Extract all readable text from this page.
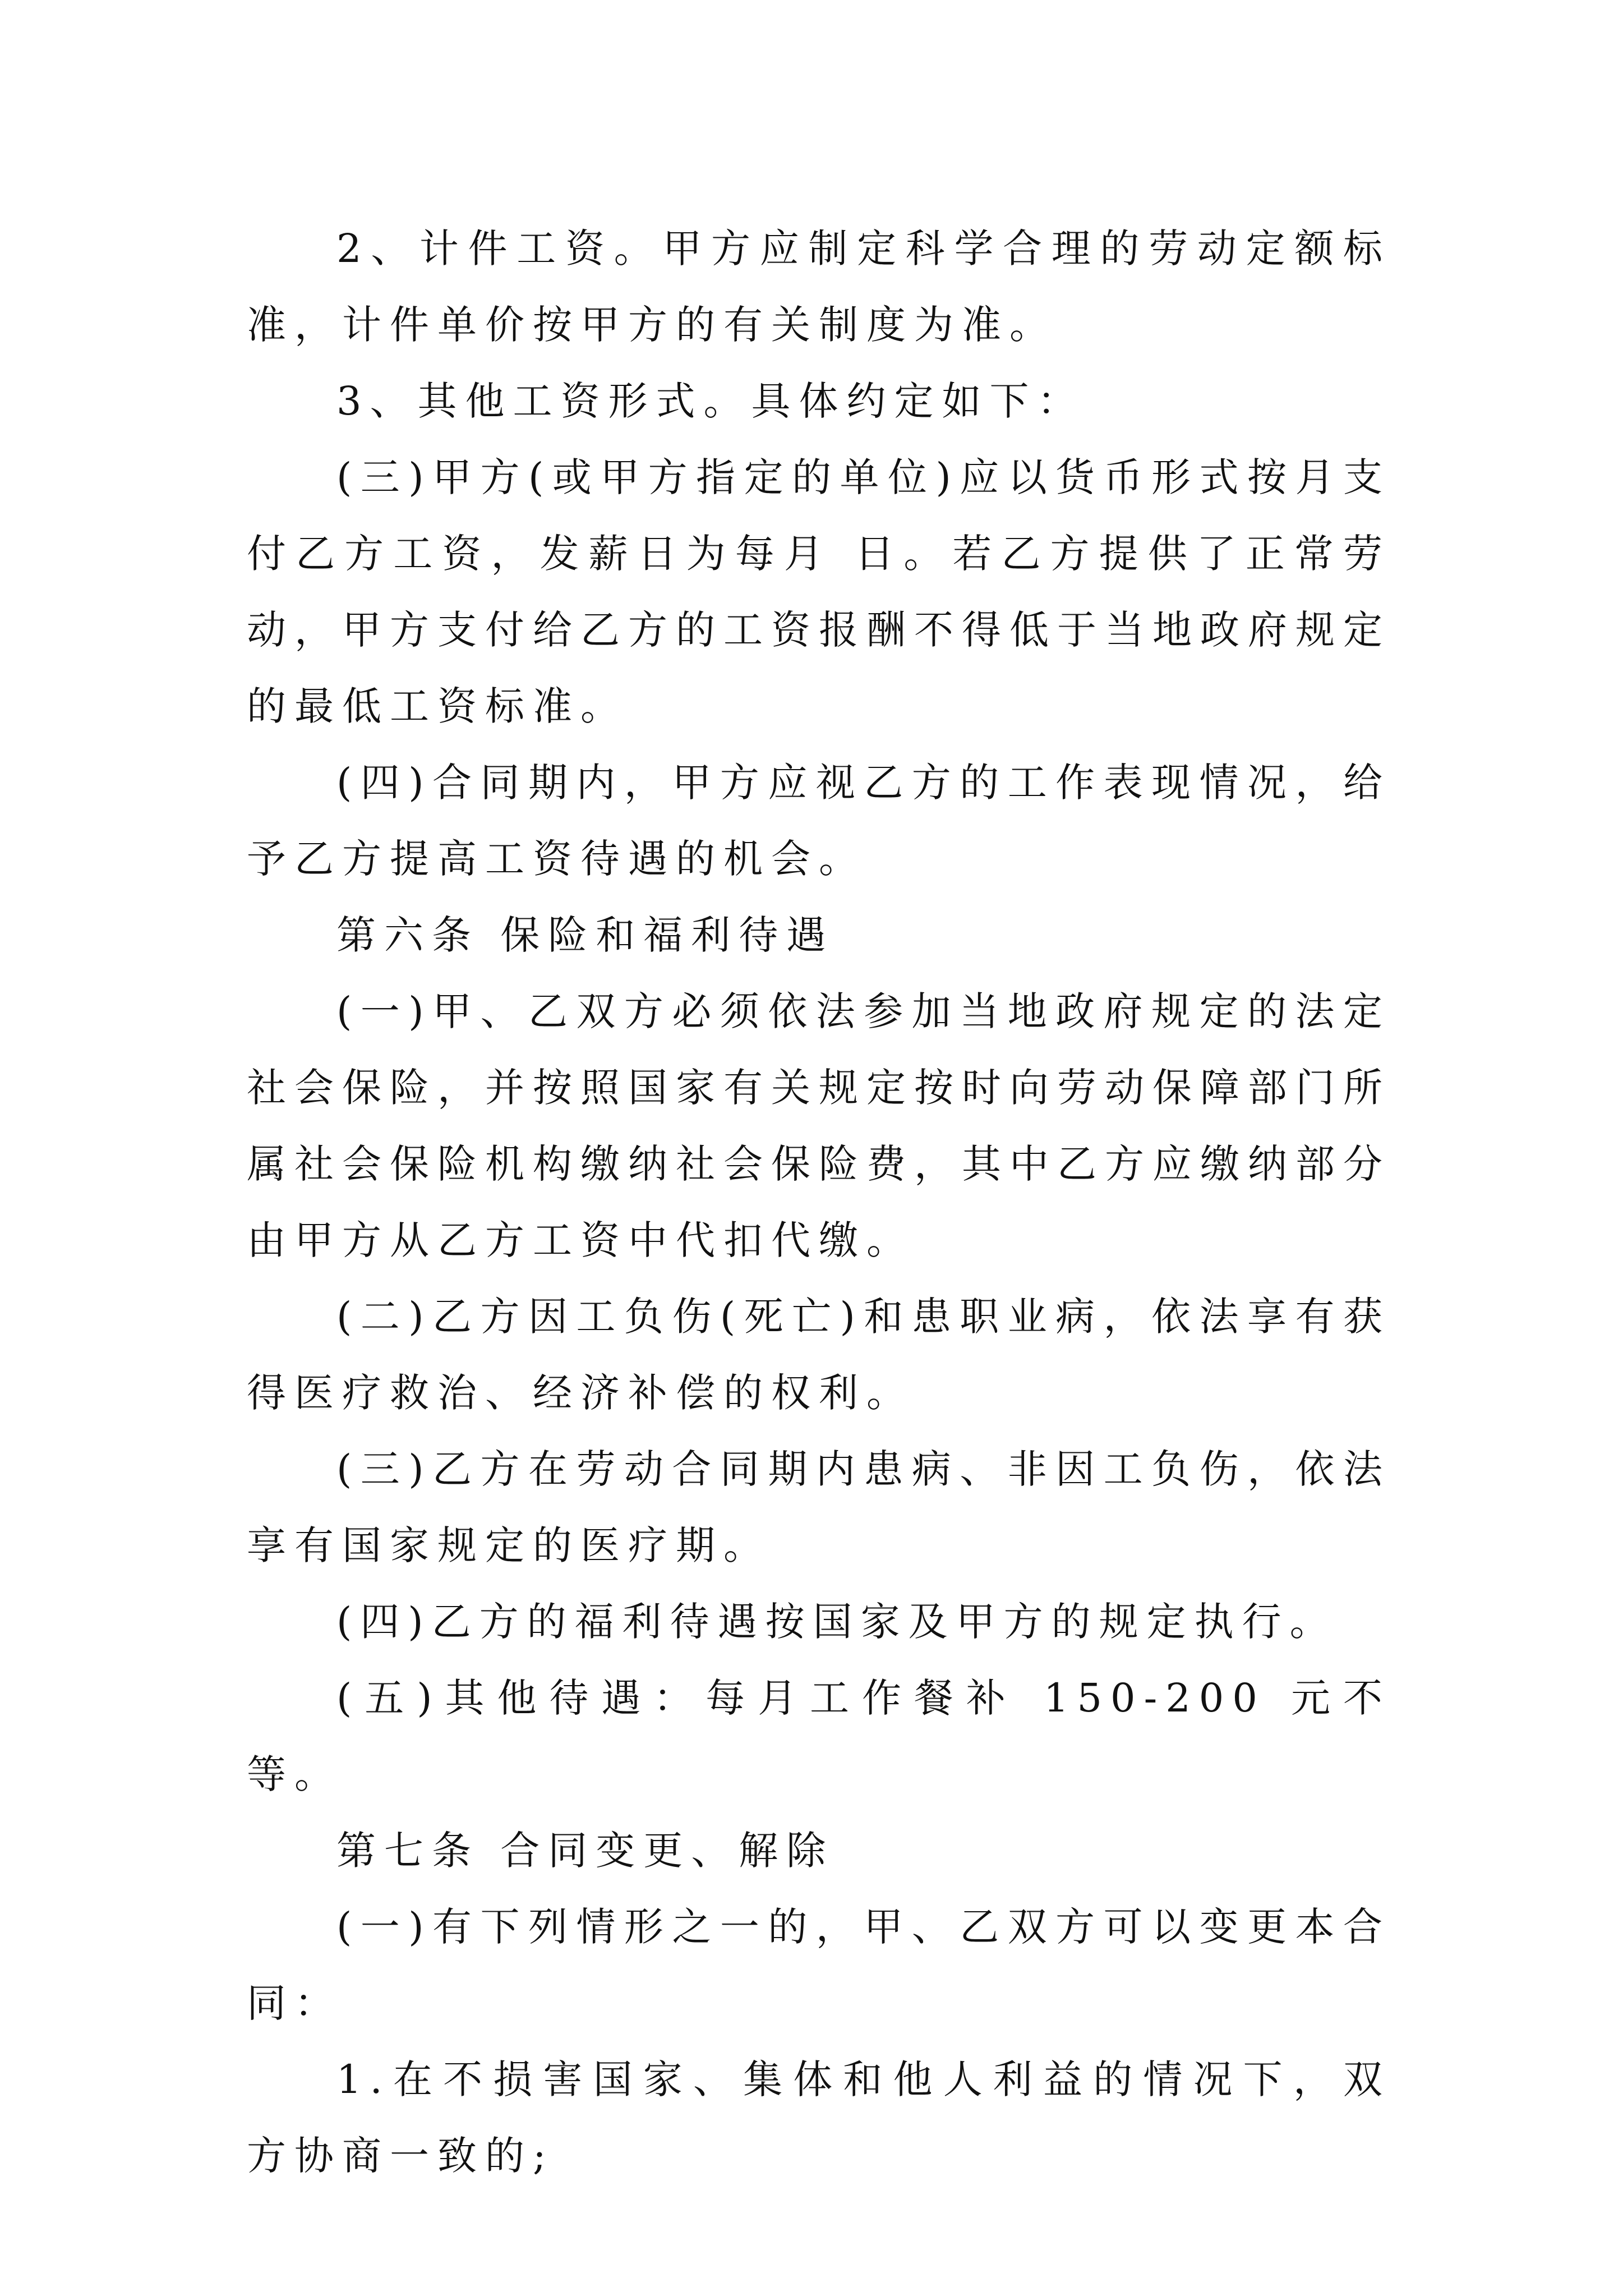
2、计件工资。甲方应制定科学合理的劳动定额标准，计件单价按甲方的有关制度为准。

3、其他工资形式。具体约定如下：

(三)甲方(或甲方指定的单位)应以货币形式按月支付乙方工资，发薪日为每月 日。若乙方提供了正常劳动，甲方支付给乙方的工资报酬不得低于当地政府规定的最低工资标准。

(四)合同期内，甲方应视乙方的工作表现情况，给予乙方提高工资待遇的机会。

第六条 保险和福利待遇

(一)甲、乙双方必须依法参加当地政府规定的法定社会保险，并按照国家有关规定按时向劳动保障部门所属社会保险机构缴纳社会保险费，其中乙方应缴纳部分由甲方从乙方工资中代扣代缴。

(二)乙方因工负伤(死亡)和患职业病，依法享有获得医疗救治、经济补偿的权利。

(三)乙方在劳动合同期内患病、非因工负伤，依法享有国家规定的医疗期。

(四)乙方的福利待遇按国家及甲方的规定执行。

(五)其他待遇：每月工作餐补 150-200 元不等。

第七条 合同变更、解除

(一)有下列情形之一的，甲、乙双方可以变更本合同：

1.在不损害国家、集体和他人利益的情况下，双方协商一致的;
